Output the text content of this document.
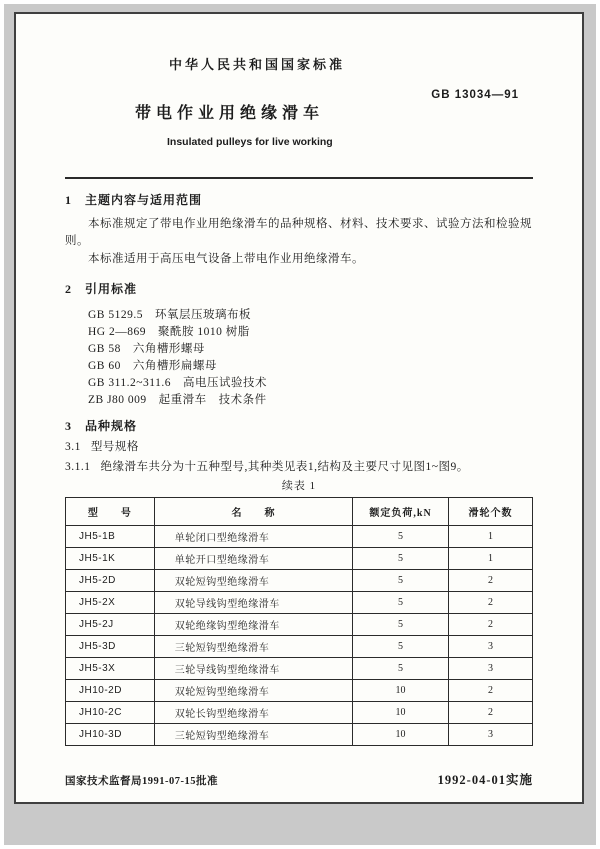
中华人民共和国国家标准
GB 13034—91
带电作业用绝缘滑车
Insulated pulleys for live working
1 主题内容与适用范围

本标准规定了带电作业用绝缘滑车的品种规格、材料、技术要求、试验方法和检验规则。

本标准适用于高压电气设备上带电作业用绝缘滑车。

2 引用标准
GB 5129.5 环氧层压玻璃布板
HG 2—869 聚酰胺 1010 树脂
GB 58 六角槽形螺母
GB 60 六角槽形扁螺母
GB 311.2~311.6 高电压试验技术
ZB J80 009 起重滑车　技术条件
3 品种规格
3.1 型号规格
3.1.1 绝缘滑车共分为十五种型号,其种类见表1,结构及主要尺寸见图1~图9。
续表 1
型　　号	名　　称	额定负荷,kN	滑轮个数
JH5-1B	单轮闭口型绝缘滑车	5	1
JH5-1K	单轮开口型绝缘滑车	5	1
JH5-2D	双轮短钩型绝缘滑车	5	2
JH5-2X	双轮导线钩型绝缘滑车	5	2
JH5-2J	双轮绝缘钩型绝缘滑车	5	2
JH5-3D	三轮短钩型绝缘滑车	5	3
JH5-3X	三轮导线钩型绝缘滑车	5	3
JH10-2D	双轮短钩型绝缘滑车	10	2
JH10-2C	双轮长钩型绝缘滑车	10	2
JH10-3D	三轮短钩型绝缘滑车	10	3
国家技术监督局1991-07-15批准	1992-04-01实施
